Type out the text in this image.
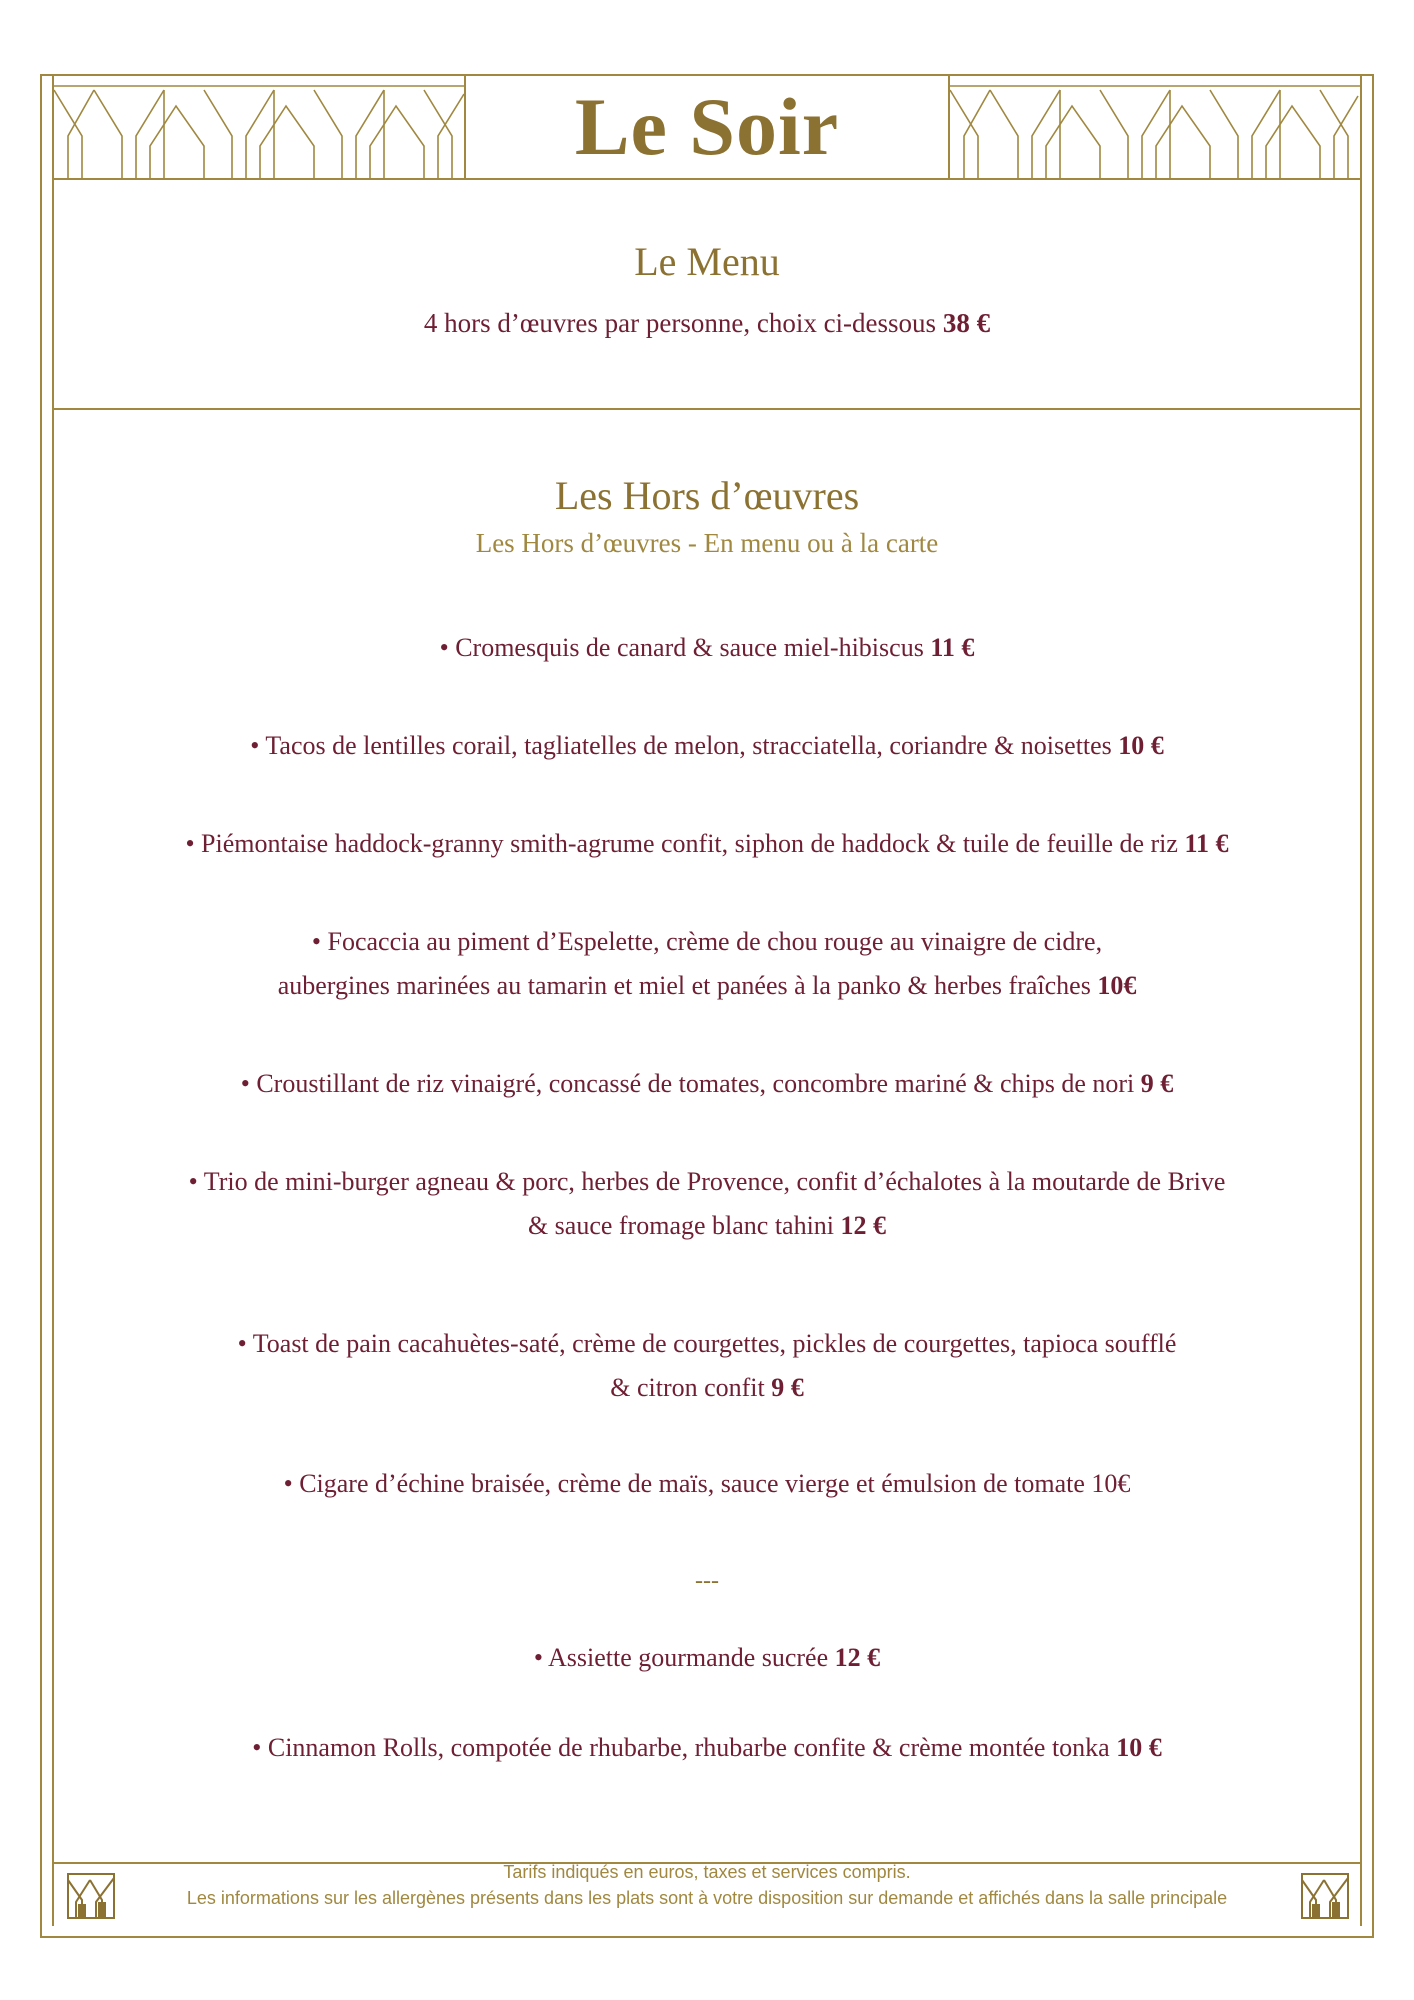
Le Soir
Le Menu
4 hors d’œuvres par personne, choix ci-dessous 38 €
Les Hors d’œuvres
Les Hors d’œuvres - En menu ou à la carte
• Cromesquis de canard & sauce miel-hibiscus 11 €
• Tacos de lentilles corail, tagliatelles de melon, stracciatella, coriandre & noisettes 10 €
• Piémontaise haddock-granny smith-agrume confit, siphon de haddock & tuile de feuille de riz 11 €
• Focaccia au piment d’Espelette, crème de chou rouge au vinaigre de cidre,
aubergines marinées au tamarin et miel et panées à la panko & herbes fraîches 10€
• Croustillant de riz vinaigré, concassé de tomates, concombre mariné & chips de nori 9 €
• Trio de mini-burger agneau & porc, herbes de Provence, confit d’échalotes à la moutarde de Brive
& sauce fromage blanc tahini 12 €
• Toast de pain cacahuètes-saté, crème de courgettes, pickles de courgettes, tapioca soufflé
& citron confit 9 €
• Cigare d’échine braisée, crème de maïs, sauce vierge et émulsion de tomate 10€
---
• Assiette gourmande sucrée 12 €
• Cinnamon Rolls, compotée de rhubarbe, rhubarbe confite & crème montée tonka 10 €
Tarifs indiqués en euros, taxes et services compris.
Les informations sur les allergènes présents dans les plats sont à votre disposition sur demande et affichés dans la salle principale
